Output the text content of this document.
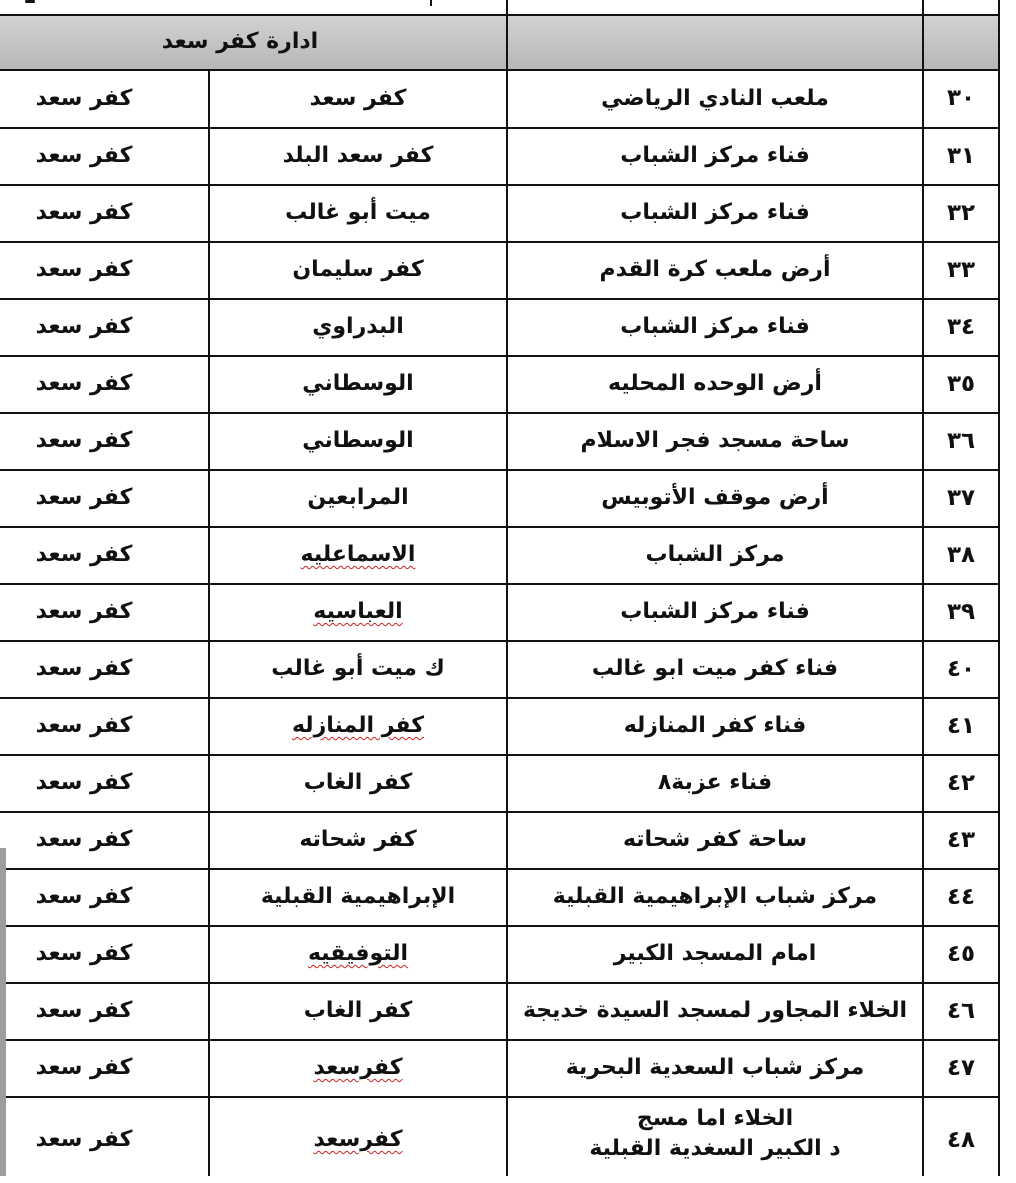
ادارة كفر سعد
٣٠
ملعب النادي الرياضي
كفر سعد
كفر سعد
٣١
فناء مركز الشباب
كفر سعد البلد
كفر سعد
٣٢
فناء مركز الشباب
ميت أبو غالب
كفر سعد
٣٣
أرض ملعب كرة القدم
كفر سليمان
كفر سعد
٣٤
فناء مركز الشباب
البدراوي
كفر سعد
٣٥
أرض الوحده المحليه
الوسطاني
كفر سعد
٣٦
ساحة مسجد فجر الاسلام
الوسطاني
كفر سعد
٣٧
أرض موقف الأتوبيس
المرابعين
كفر سعد
٣٨
مركز الشباب
الاسماعليه
كفر سعد
٣٩
فناء مركز الشباب
العباسيه
كفر سعد
٤٠
فناء كفر ميت ابو غالب
ك ميت أبو غالب
كفر سعد
٤١
فناء كفر المنازله
كفر المنازله
كفر سعد
٤٢
فناء عزبة٨
كفر الغاب
كفر سعد
٤٣
ساحة كفر شحاته
كفر شحاته
كفر سعد
٤٤
مركز شباب الإبراهيمية القبلية
الإبراهيمية القبلية
كفر سعد
٤٥
امام المسجد الكبير
التوفيقيه
كفر سعد
٤٦
الخلاء المجاور لمسجد السيدة خديجة
كفر الغاب
كفر سعد
٤٧
مركز شباب السعدية البحرية
كفرسعد
كفر سعد
٤٨
الخلاء اما مسج
د الكبير السغدية القبلية
كفرسعد
كفر سعد
